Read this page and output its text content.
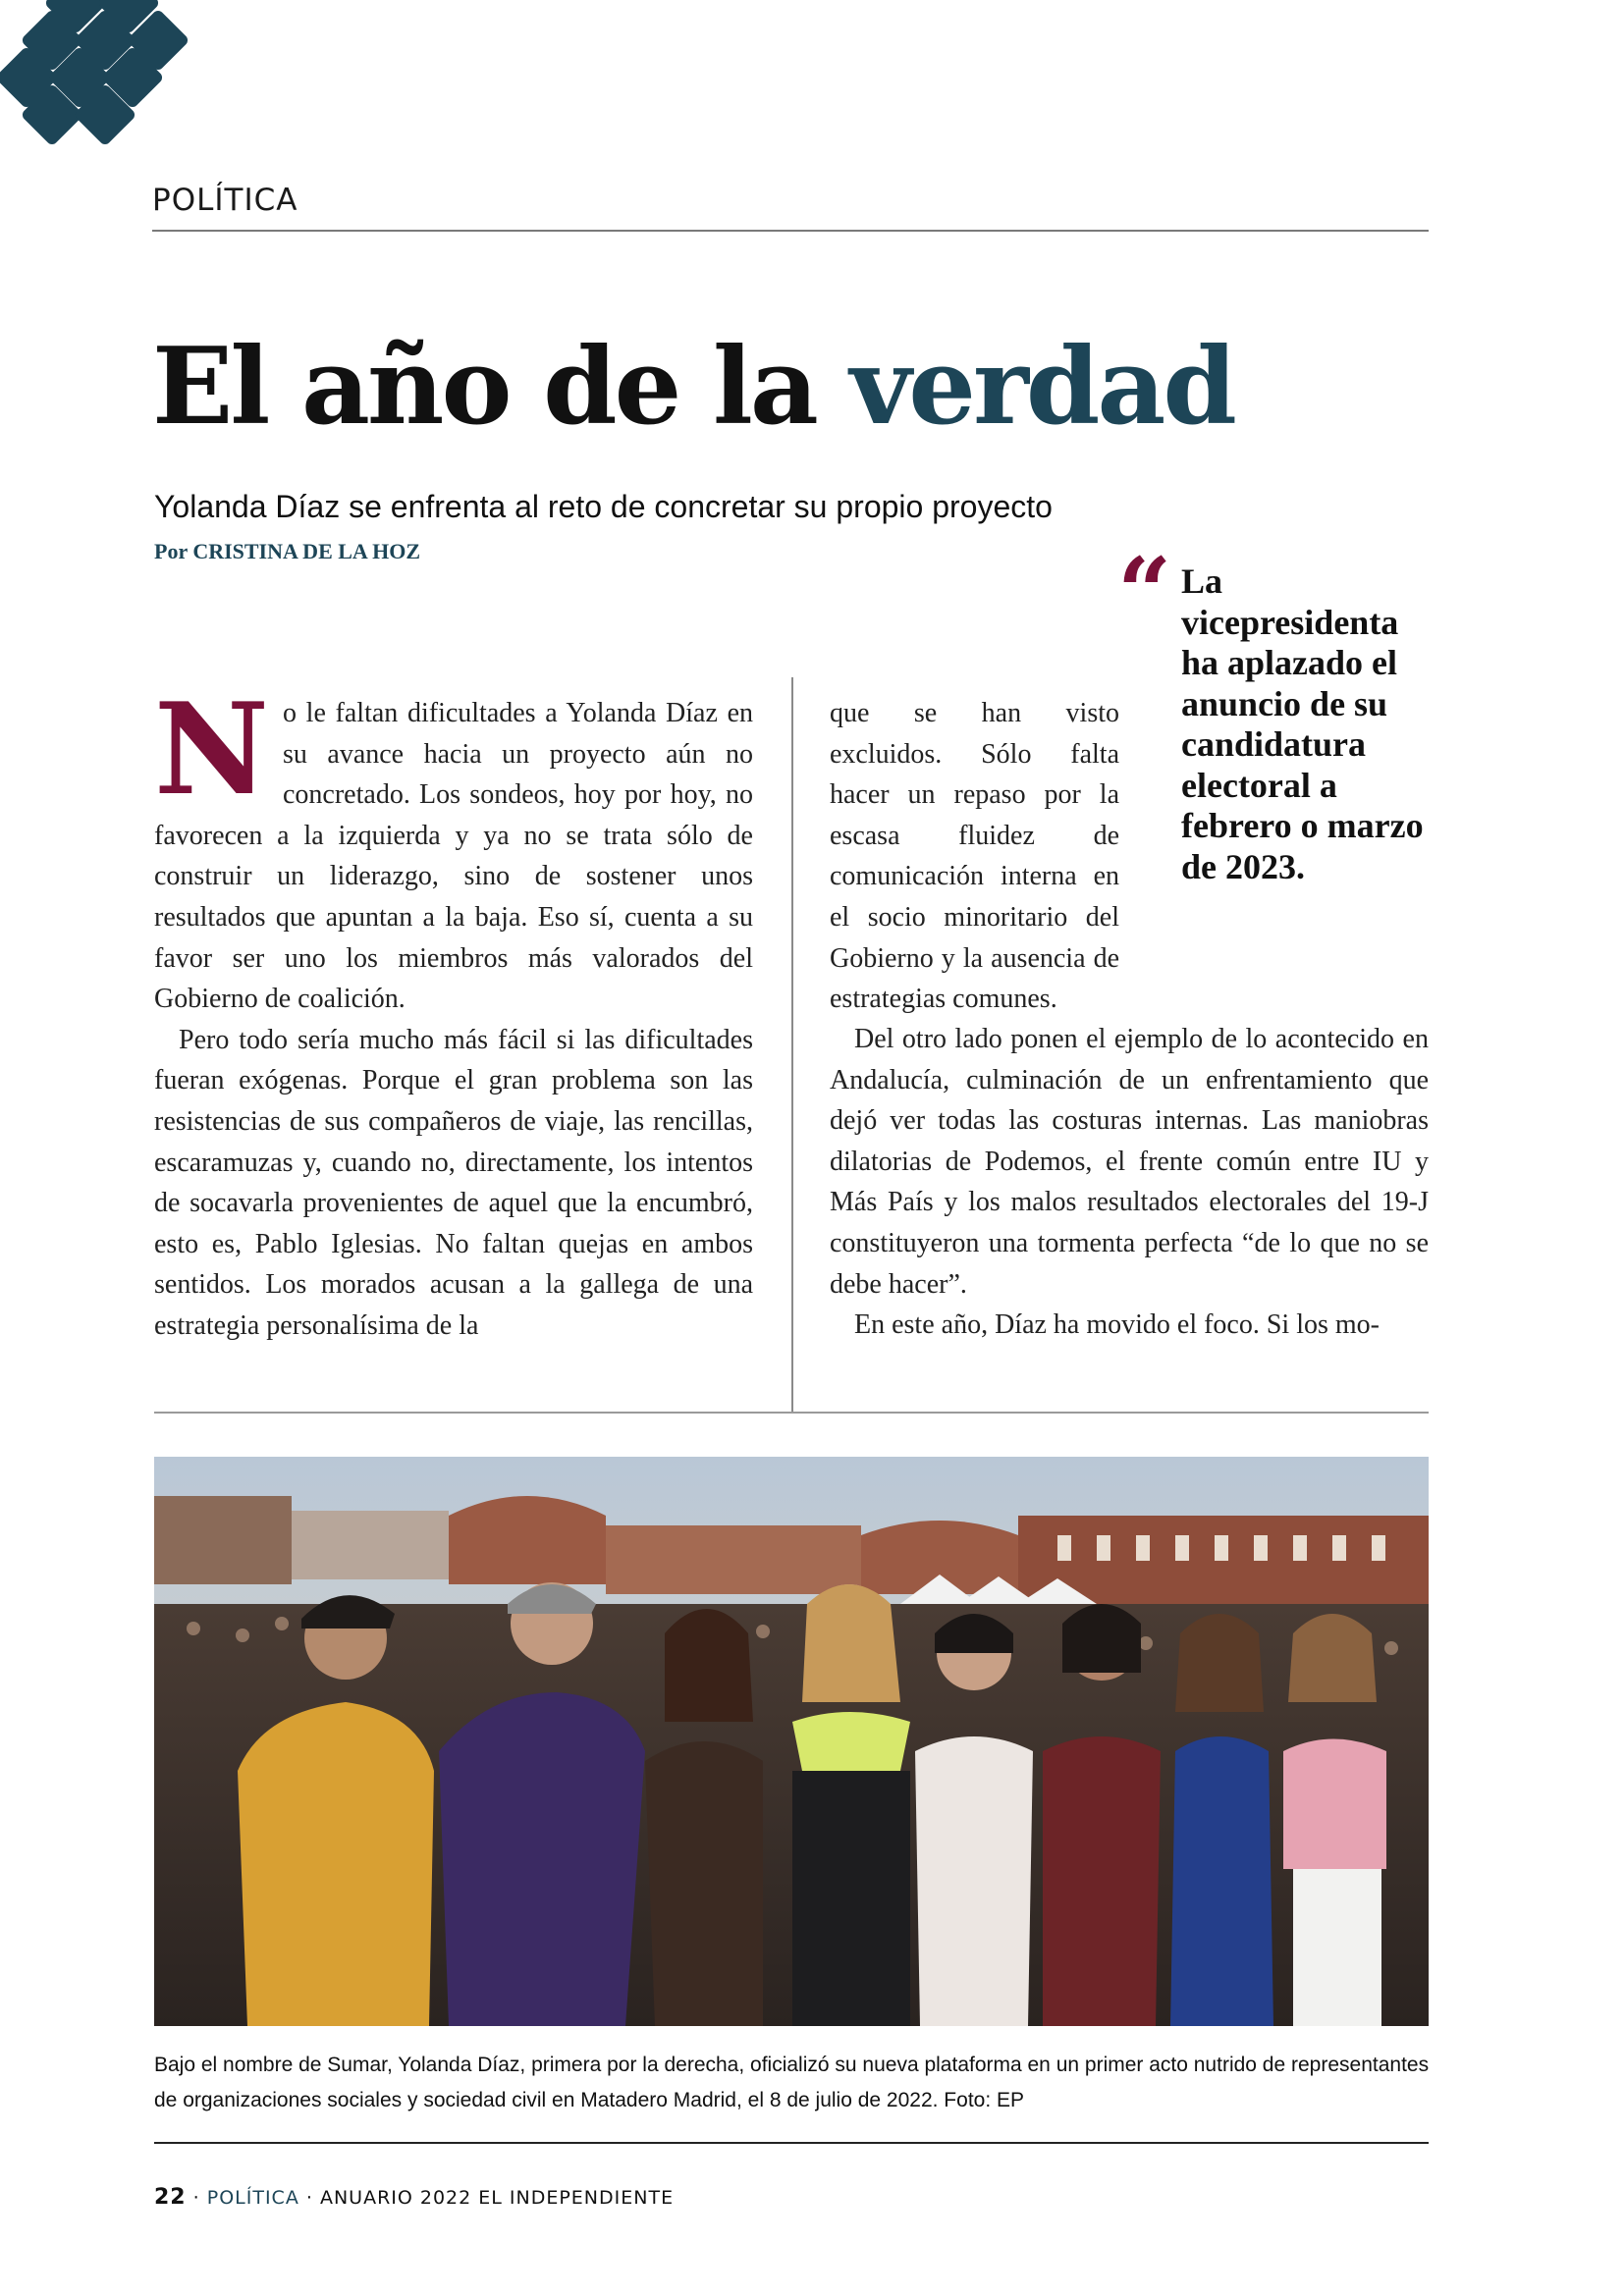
POLÍTICA
El año de la verdad
Yolanda Díaz se enfrenta al reto de concretar su propio proyecto
Por CRISTINA DE LA HOZ	“ La vicepresidenta ha aplazado el anuncio de su candidatura electoral a febrero o marzo de 2023.

No le faltan dificultades a Yolanda Díaz en su avance hacia un proyecto aún no concretado. Los sondeos, hoy por hoy, no favorecen a la izquierda y ya no se trata sólo de construir un liderazgo, sino de sostener unos resultados que apuntan a la baja. Eso sí, cuenta a su favor ser uno los miembros más valorados del Gobierno de coalición.

Pero todo sería mucho más fácil si las dificultades fueran exógenas. Porque el gran problema son las resistencias de sus compañeros de viaje, las rencillas, escaramuzas y, cuando no, directamente, los intentos de socavarla provenientes de aquel que la encumbró, esto es, Pablo Iglesias. No faltan quejas en ambos sentidos. Los morados acusan a la gallega de una estrategia personalísima de la

que se han visto excluidos. Sólo falta hacer un repaso por la escasa fluidez de comunicación interna en el socio minoritario del Gobierno y la ausencia de estrategias comunes.

Del otro lado ponen el ejemplo de lo acontecido en Andalucía, culminación de un enfrentamiento que dejó ver todas las costuras internas. Las maniobras dilatorias de Podemos, el frente común entre IU y Más País y los malos resultados electorales del 19-J constituyeron una tormenta perfecta “de lo que no se debe hacer”.

En este año, Díaz ha movido el foco. Si los mo-

Bajo el nombre de Sumar, Yolanda Díaz, primera por la derecha, oficializó su nueva plataforma en un primer acto nutrido de representantes de organizaciones sociales y sociedad civil en Matadero Madrid, el 8 de julio de 2022. Foto: EP
22 · POLÍTICA · ANUARIO 2022 EL INDEPENDIENTE
